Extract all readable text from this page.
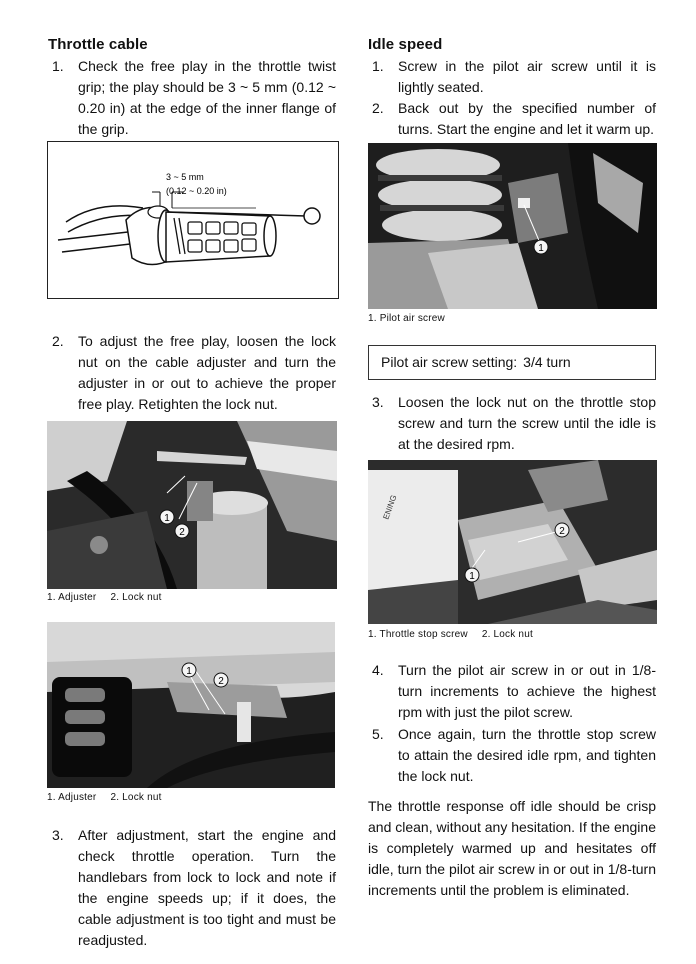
Throttle cable
1. Check the free play in the throttle twist grip; the play should be 3 ~ 5 mm (0.12 ~ 0.20 in) at the edge of the inner flange of the grip.
3 ~ 5 mm
(0.12 ~ 0.20 in)
2. To adjust the free play, loosen the lock nut on the cable adjuster and turn the adjuster in or out to achieve the proper free play. Retighten the lock nut.
1
2
1. Adjuster 2. Lock nut
1
2
1. Adjuster 2. Lock nut
3. After adjustment, start the engine and check throttle operation. Turn the handlebars from lock to lock and note if the engine speeds up; if it does, the cable adjustment is too tight and must be readjusted.
Idle speed
1. Screw in the pilot air screw until it is lightly seated.
2. Back out by the specified number of turns. Start the engine and let it warm up.
1
1. Pilot air screw
Pilot air screw setting: 3/4 turn
3. Loosen the lock nut on the throttle stop screw and turn the screw until the idle is at the desired rpm.
ENING
1
2
1. Throttle stop screw 2. Lock nut
4. Turn the pilot air screw in or out in 1/8-turn increments to achieve the highest rpm with just the pilot screw.
5. Once again, turn the throttle stop screw to attain the desired idle rpm, and tighten the lock nut.
The throttle response off idle should be crisp and clean, without any hesitation. If the engine is completely warmed up and hesitates off idle, turn the pilot air screw in or out in 1/8-turn increments until the problem is eliminated.
